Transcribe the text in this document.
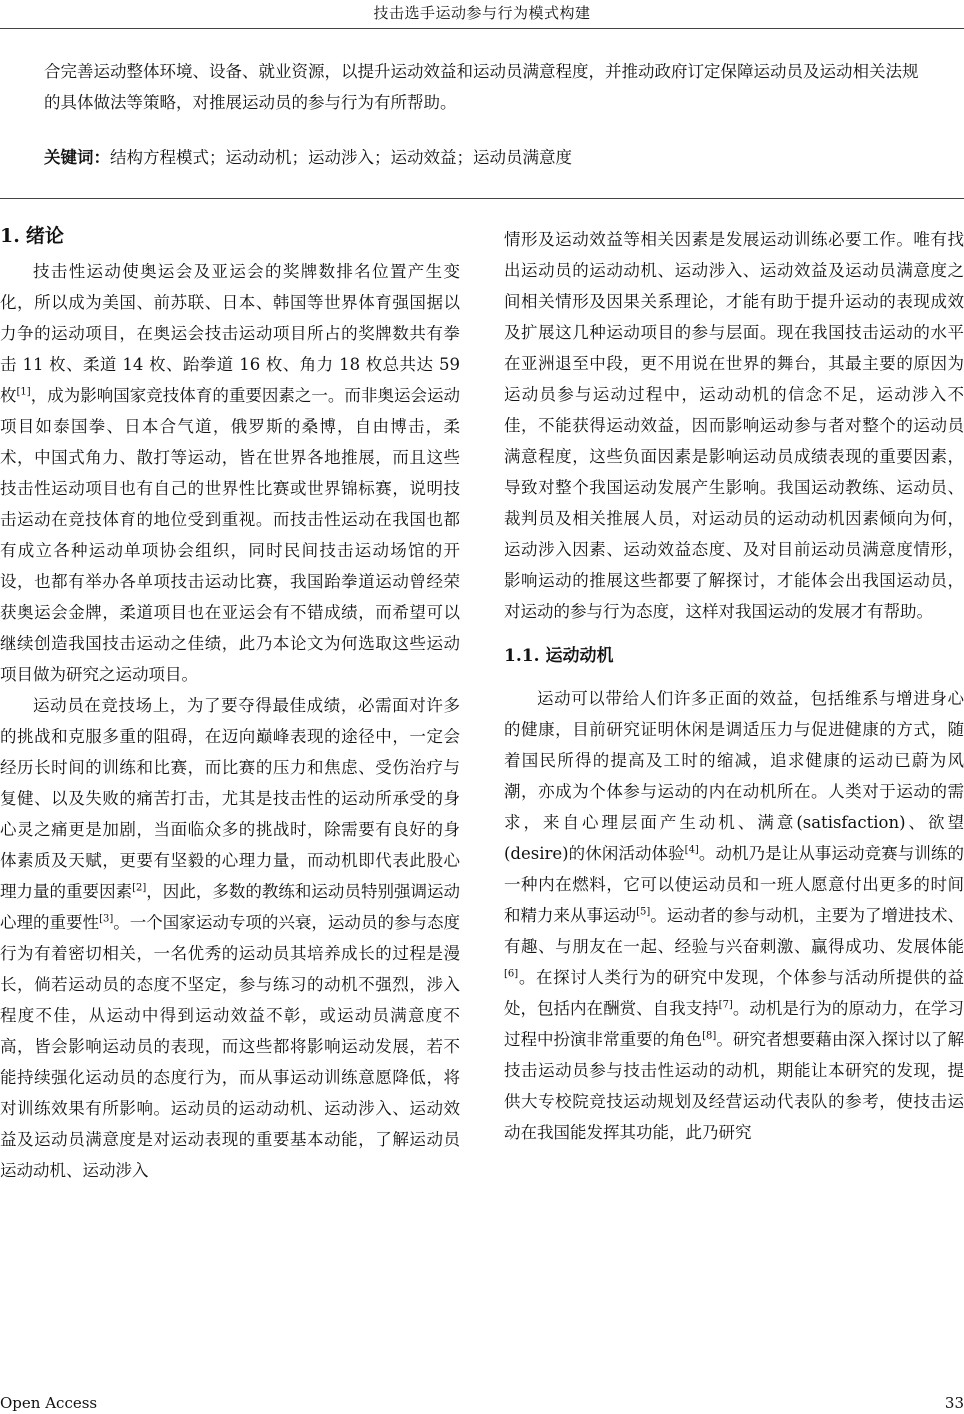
技击选手运动参与行为模式构建

合完善运动整体环境、设备、就业资源，以提升运动效益和运动员满意程度，并推动政府订定保障运动员及运动相关法规的具体做法等策略，对推展运动员的参与行为有所帮助。

关键词：结构方程模式；运动动机；运动涉入；运动效益；运动员满意度

1. 绪论

技击性运动使奥运会及亚运会的奖牌数排名位置产生变化，所以成为美国、前苏联、日本、韩国等世界体育强国据以力争的运动项目，在奥运会技击运动项目所占的奖牌数共有拳击 11 枚、柔道 14 枚、跆拳道 16 枚、角力 18 枚总共达 59 枚[1]，成为影响国家竞技体育的重要因素之一。而非奥运会运动项目如泰国拳、日本合气道，俄罗斯的桑博，自由博击，柔术，中国式角力、散打等运动，皆在世界各地推展，而且这些技击性运动项目也有自己的世界性比赛或世界锦标赛，说明技击运动在竞技体育的地位受到重视。而技击性运动在我国也都有成立各种运动单项协会组织，同时民间技击运动场馆的开设，也都有举办各单项技击运动比赛，我国跆拳道运动曾经荣获奥运会金牌，柔道项目也在亚运会有不错成绩，而希望可以继续创造我国技击运动之佳绩，此乃本论文为何选取这些运动项目做为研究之运动项目。

运动员在竞技场上，为了要夺得最佳成绩，必需面对许多的挑战和克服多重的阻碍，在迈向巅峰表现的途径中，一定会经历长时间的训练和比赛，而比赛的压力和焦虑、受伤治疗与复健、以及失败的痛苦打击，尤其是技击性的运动所承受的身心灵之痛更是加剧，当面临众多的挑战时，除需要有良好的身体素质及天赋，更要有坚毅的心理力量，而动机即代表此股心理力量的重要因素[2]，因此，多数的教练和运动员特别强调运动心理的重要性[3]。一个国家运动专项的兴衰，运动员的参与态度行为有着密切相关，一名优秀的运动员其培养成长的过程是漫长，倘若运动员的态度不坚定，参与练习的动机不强烈，涉入程度不佳，从运动中得到运动效益不彰，或运动员满意度不高，皆会影响运动员的表现，而这些都将影响运动发展，若不能持续强化运动员的态度行为，而从事运动训练意愿降低，将对训练效果有所影响。运动员的运动动机、运动涉入、运动效益及运动员满意度是对运动表现的重要基本动能，了解运动员运动动机、运动涉入

情形及运动效益等相关因素是发展运动训练必要工作。唯有找出运动员的运动动机、运动涉入、运动效益及运动员满意度之间相关情形及因果关系理论，才能有助于提升运动的表现成效及扩展这几种运动项目的参与层面。现在我国技击运动的水平在亚洲退至中段，更不用说在世界的舞台，其最主要的原因为运动员参与运动过程中，运动动机的信念不足，运动涉入不佳，不能获得运动效益，因而影响运动参与者对整个的运动员满意程度，这些负面因素是影响运动员成绩表现的重要因素，导致对整个我国运动发展产生影响。我国运动教练、运动员、裁判员及相关推展人员，对运动员的运动动机因素倾向为何，运动涉入因素、运动效益态度、及对目前运动员满意度情形，影响运动的推展这些都要了解探讨，才能体会出我国运动员，对运动的参与行为态度，这样对我国运动的发展才有帮助。

1.1. 运动动机

运动可以带给人们许多正面的效益，包括维系与增进身心的健康，目前研究证明休闲是调适压力与促进健康的方式，随着国民所得的提高及工时的缩减，追求健康的运动已蔚为风潮，亦成为个体参与运动的内在动机所在。人类对于运动的需求，来自心理层面产生动机、满意(satisfaction)、欲望(desire)的休闲活动体验[4]。动机乃是让从事运动竞赛与训练的一种内在燃料，它可以使运动员和一班人愿意付出更多的时间和精力来从事运动[5]。运动者的参与动机，主要为了增进技术、有趣、与朋友在一起、经验与兴奋刺激、赢得成功、发展体能[6]。在探讨人类行为的研究中发现，个体参与活动所提供的益处，包括内在酬赏、自我支持[7]。动机是行为的原动力，在学习过程中扮演非常重要的角色[8]。研究者想要藉由深入探讨以了解技击运动员参与技击性运动的动机，期能让本研究的发现，提供大专校院竞技运动规划及经营运动代表队的参考，使技击运动在我国能发挥其功能，此乃研究

Open Access	33
